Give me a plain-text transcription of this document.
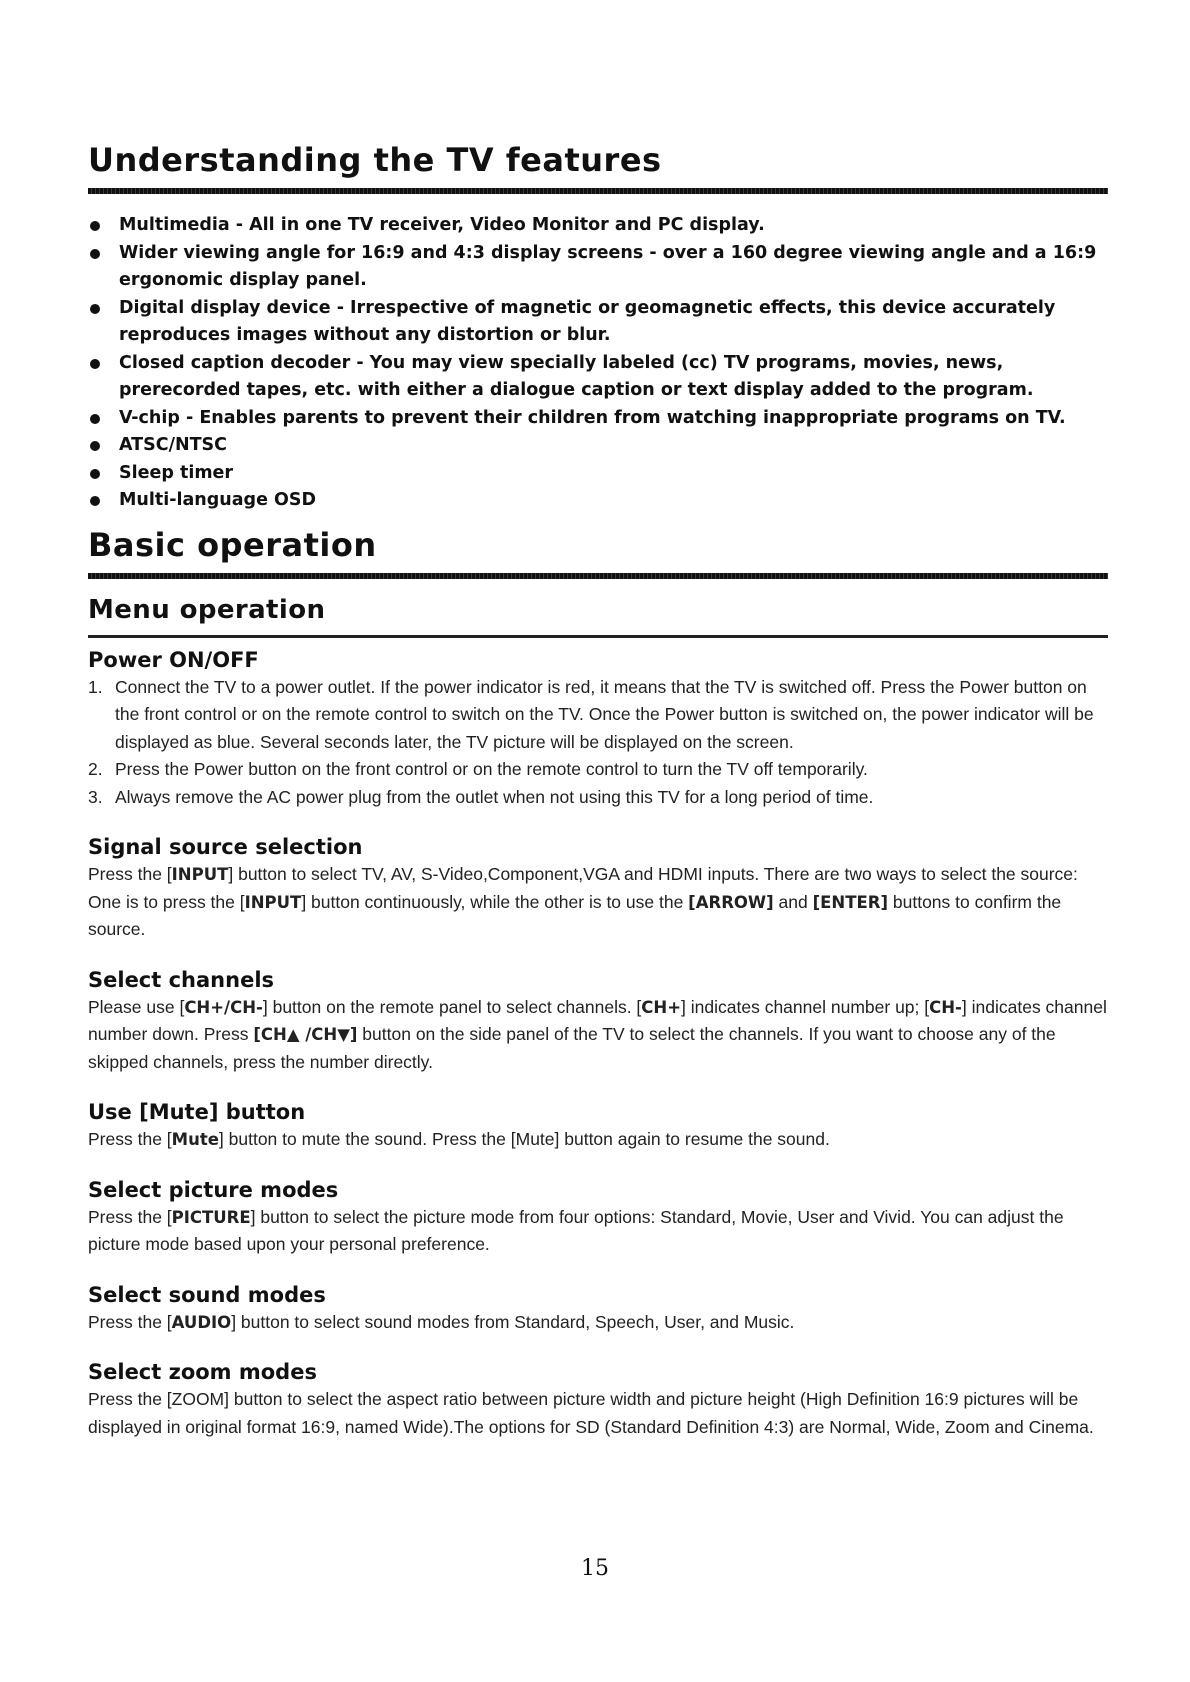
Understanding the TV features
Multimedia - All in one TV receiver, Video Monitor and PC display.
Wider viewing angle for 16:9 and 4:3 display screens - over a 160 degree viewing angle and a 16:9 ergonomic display panel.
Digital display device - Irrespective of magnetic or geomagnetic effects, this device accurately reproduces images without any distortion or blur.
Closed caption decoder - You may view specially labeled (cc) TV programs, movies, news, prerecorded tapes, etc. with either a dialogue caption or text display added to the program.
V-chip - Enables parents to prevent their children from watching inappropriate programs on TV.
ATSC/NTSC
Sleep timer
Multi-language OSD
Basic operation
Menu operation
Power ON/OFF
1. Connect the TV to a power outlet. If the power indicator is red, it means that the TV is switched off. Press the Power button on the front control or on the remote control to switch on the TV. Once the Power button is switched on, the power indicator will be displayed as blue. Several seconds later, the TV picture will be displayed on the screen.
2. Press the Power button on the front control or on the remote control to turn the TV off temporarily.
3. Always remove the AC power plug from the outlet when not using this TV for a long period of time.
Signal source selection

Press the [INPUT] button to select TV, AV, S-Video,Component,VGA and HDMI inputs. There are two ways to select the source: One is to press the [INPUT] button continuously, while the other is to use the [ARROW] and [ENTER] buttons to confirm the source.

Select channels

Please use [CH+/CH-] button on the remote panel to select channels. [CH+] indicates channel number up; [CH-] indicates channel number down. Press [CH▲ /CH▼] button on the side panel of the TV to select the channels. If you want to choose any of the skipped channels, press the number directly.

Use [Mute] button

Press the [Mute] button to mute the sound. Press the [Mute] button again to resume the sound.

Select picture modes

Press the [PICTURE] button to select the picture mode from four options: Standard, Movie, User and Vivid. You can adjust the picture mode based upon your personal preference.

Select sound modes

Press the [AUDIO] button to select sound modes from Standard, Speech, User, and Music.

Select zoom modes

Press the [ZOOM] button to select the aspect ratio between picture width and picture height (High Definition 16:9 pictures will be displayed in original format 16:9, named Wide).The options for SD (Standard Definition 4:3) are Normal, Wide, Zoom and Cinema.

15
